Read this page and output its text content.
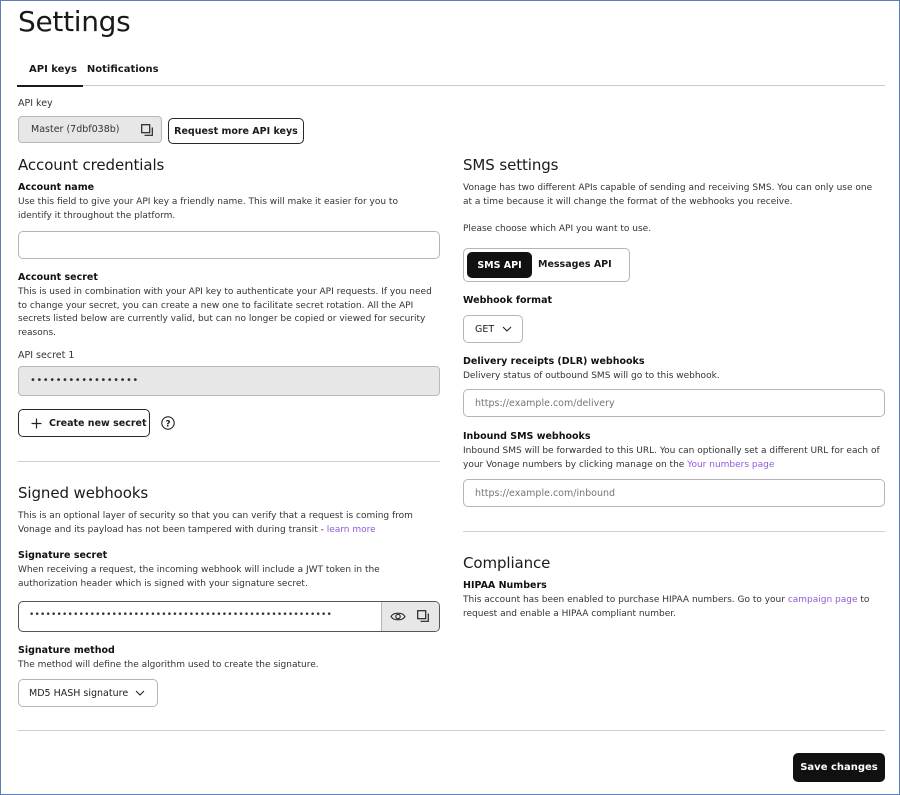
Settings
API keys	Notifications
API key
Master (7dbf038b)	Request more API keys
Account credentials
Account name
Use this field to give your API key a friendly name. This will make it easier for you to identify it throughout the platform.
Account secret
This is used in combination with your API key to authenticate your API requests. If you need to change your secret, you can create a new one to facilitate secret rotation. All the API secrets listed below are currently valid, but can no longer be copied or viewed for security reasons.
API secret 1
•••••••••••••••••
Create new secret ?
Signed webhooks
This is an optional layer of security so that you can verify that a request is coming from Vonage and its payload has not been tampered with during transit - learn more
Signature secret
When receiving a request, the incoming webhook will include a JWT token in the authorization header which is signed with your signature secret.
•••••••••••••••••••••••••••••••••••••••••••••••••••••••
Signature method
The method will define the algorithm used to create the signature.
MD5 HASH signature
SMS settings
Vonage has two different APIs capable of sending and receiving SMS. You can only use one at a time because it will change the format of the webhooks you receive.
Please choose which API you want to use.
SMS API	Messages API
Webhook format
GET
Delivery receipts (DLR) webhooks
Delivery status of outbound SMS will go to this webhook.
https://example.com/delivery
Inbound SMS webhooks
Inbound SMS will be forwarded to this URL. You can optionally set a different URL for each of your Vonage numbers by clicking manage on the Your numbers page
https://example.com/inbound
Compliance
HIPAA Numbers
This account has been enabled to purchase HIPAA numbers. Go to your campaign page to request and enable a HIPAA compliant number.
Save changes
